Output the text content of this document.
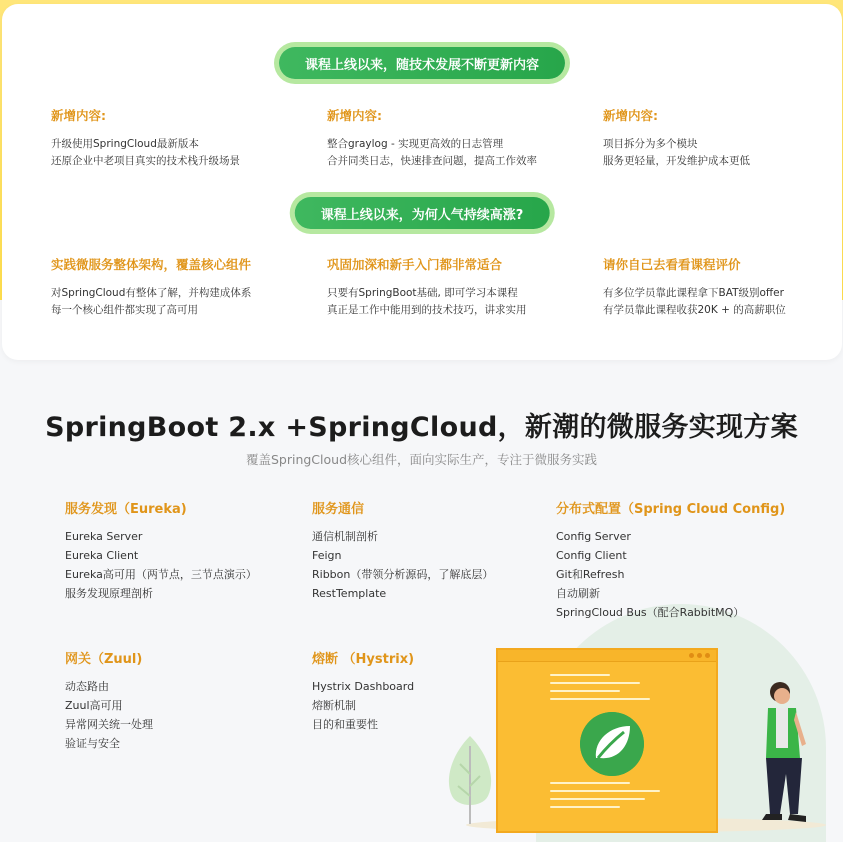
课程上线以来，随技术发展不断更新内容
新增内容:

升级使用SpringCloud最新版本

还原企业中老项目真实的技术栈升级场景

新增内容:

整合graylog - 实现更高效的日志管理

合并同类日志，快速排查问题，提高工作效率

新增内容:

项目拆分为多个模块

服务更轻量，开发维护成本更低

课程上线以来，为何人气持续高涨?
实践微服务整体架构，覆盖核心组件

对SpringCloud有整体了解，并构建成体系

每一个核心组件都实现了高可用

巩固加深和新手入门都非常适合

只要有SpringBoot基础, 即可学习本课程

真正是工作中能用到的技术技巧，讲求实用

请你自己去看看课程评价

有多位学员靠此课程拿下BAT级别offer

有学员靠此课程收获20K + 的高薪职位

SpringBoot 2.x +SpringCloud，新潮的微服务实现方案
覆盖SpringCloud核心组件，面向实际生产，专注于微服务实践
服务发现（Eureka)
Eureka Server
Eureka Client
Eureka高可用（两节点，三节点演示）
服务发现原理剖析
服务通信
通信机制剖析
Feign
Ribbon（带领分析源码，了解底层）
RestTemplate
分布式配置（Spring Cloud Config)
Config Server
Config Client
Git和Refresh
自动刷新
SpringCloud Bus（配合RabbitMQ）
网关（Zuul)
动态路由
Zuul高可用
异常网关统一处理
验证与安全
熔断 （Hystrix)
Hystrix Dashboard
熔断机制
目的和重要性
